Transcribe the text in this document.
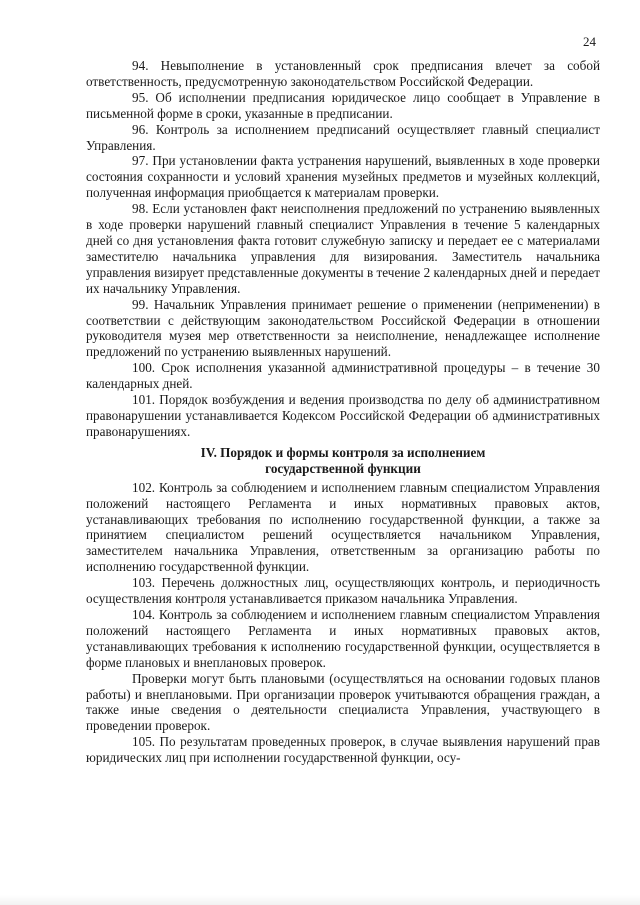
24

94. Невыполнение в установленный срок предписания влечет за собой ответственность, предусмотренную законодательством Российской Федерации.

95. Об исполнении предписания юридическое лицо сообщает в Управление в письменной форме в сроки, указанные в предписании.

96. Контроль за исполнением предписаний осуществляет главный специалист Управления.

97. При установлении факта устранения нарушений, выявленных в ходе проверки состояния сохранности и условий хранения музейных предметов и музейных коллекций, полученная информация приобщается к материалам проверки.

98. Если установлен факт неисполнения предложений по устранению выявленных в ходе проверки нарушений главный специалист Управления в течение 5 календарных дней со дня установления факта готовит служебную записку и передает ее с материалами заместителю начальника управления для визирования. Заместитель начальника управления визирует представленные документы в течение 2 календарных дней и передает их начальнику Управления.

99. Начальник Управления принимает решение о применении (неприменении) в соответствии с действующим законодательством Российской Федерации в отношении руководителя музея мер ответственности за неисполнение, ненадлежащее исполнение предложений по устранению выявленных нарушений.

100. Срок исполнения указанной административной процедуры – в течение 30 календарных дней.

101. Порядок возбуждения и ведения производства по делу об административном правонарушении устанавливается Кодексом Российской Федерации об административных правонарушениях.

IV. Порядок и формы контроля за исполнением
государственной функции

102. Контроль за соблюдением и исполнением главным специалистом Управления положений настоящего Регламента и иных нормативных правовых актов, устанавливающих требования по исполнению государственной функции, а также за принятием специалистом решений осуществляется начальником Управления, заместителем начальника Управления, ответственным за организацию работы по исполнению государственной функции.

103. Перечень должностных лиц, осуществляющих контроль, и периодичность осуществления контроля устанавливается приказом начальника Управления.

104. Контроль за соблюдением и исполнением главным специалистом Управления положений настоящего Регламента и иных нормативных правовых актов, устанавливающих требования к исполнению государственной функции, осуществляется в форме плановых и внеплановых проверок.

Проверки могут быть плановыми (осуществляться на основании годовых планов работы) и внеплановыми. При организации проверок учитываются обращения граждан, а также иные сведения о деятельности специалиста Управления, участвующего в проведении проверок.

105. По результатам проведенных проверок, в случае выявления нарушений прав юридических лиц при исполнении государственной функции, осу-
